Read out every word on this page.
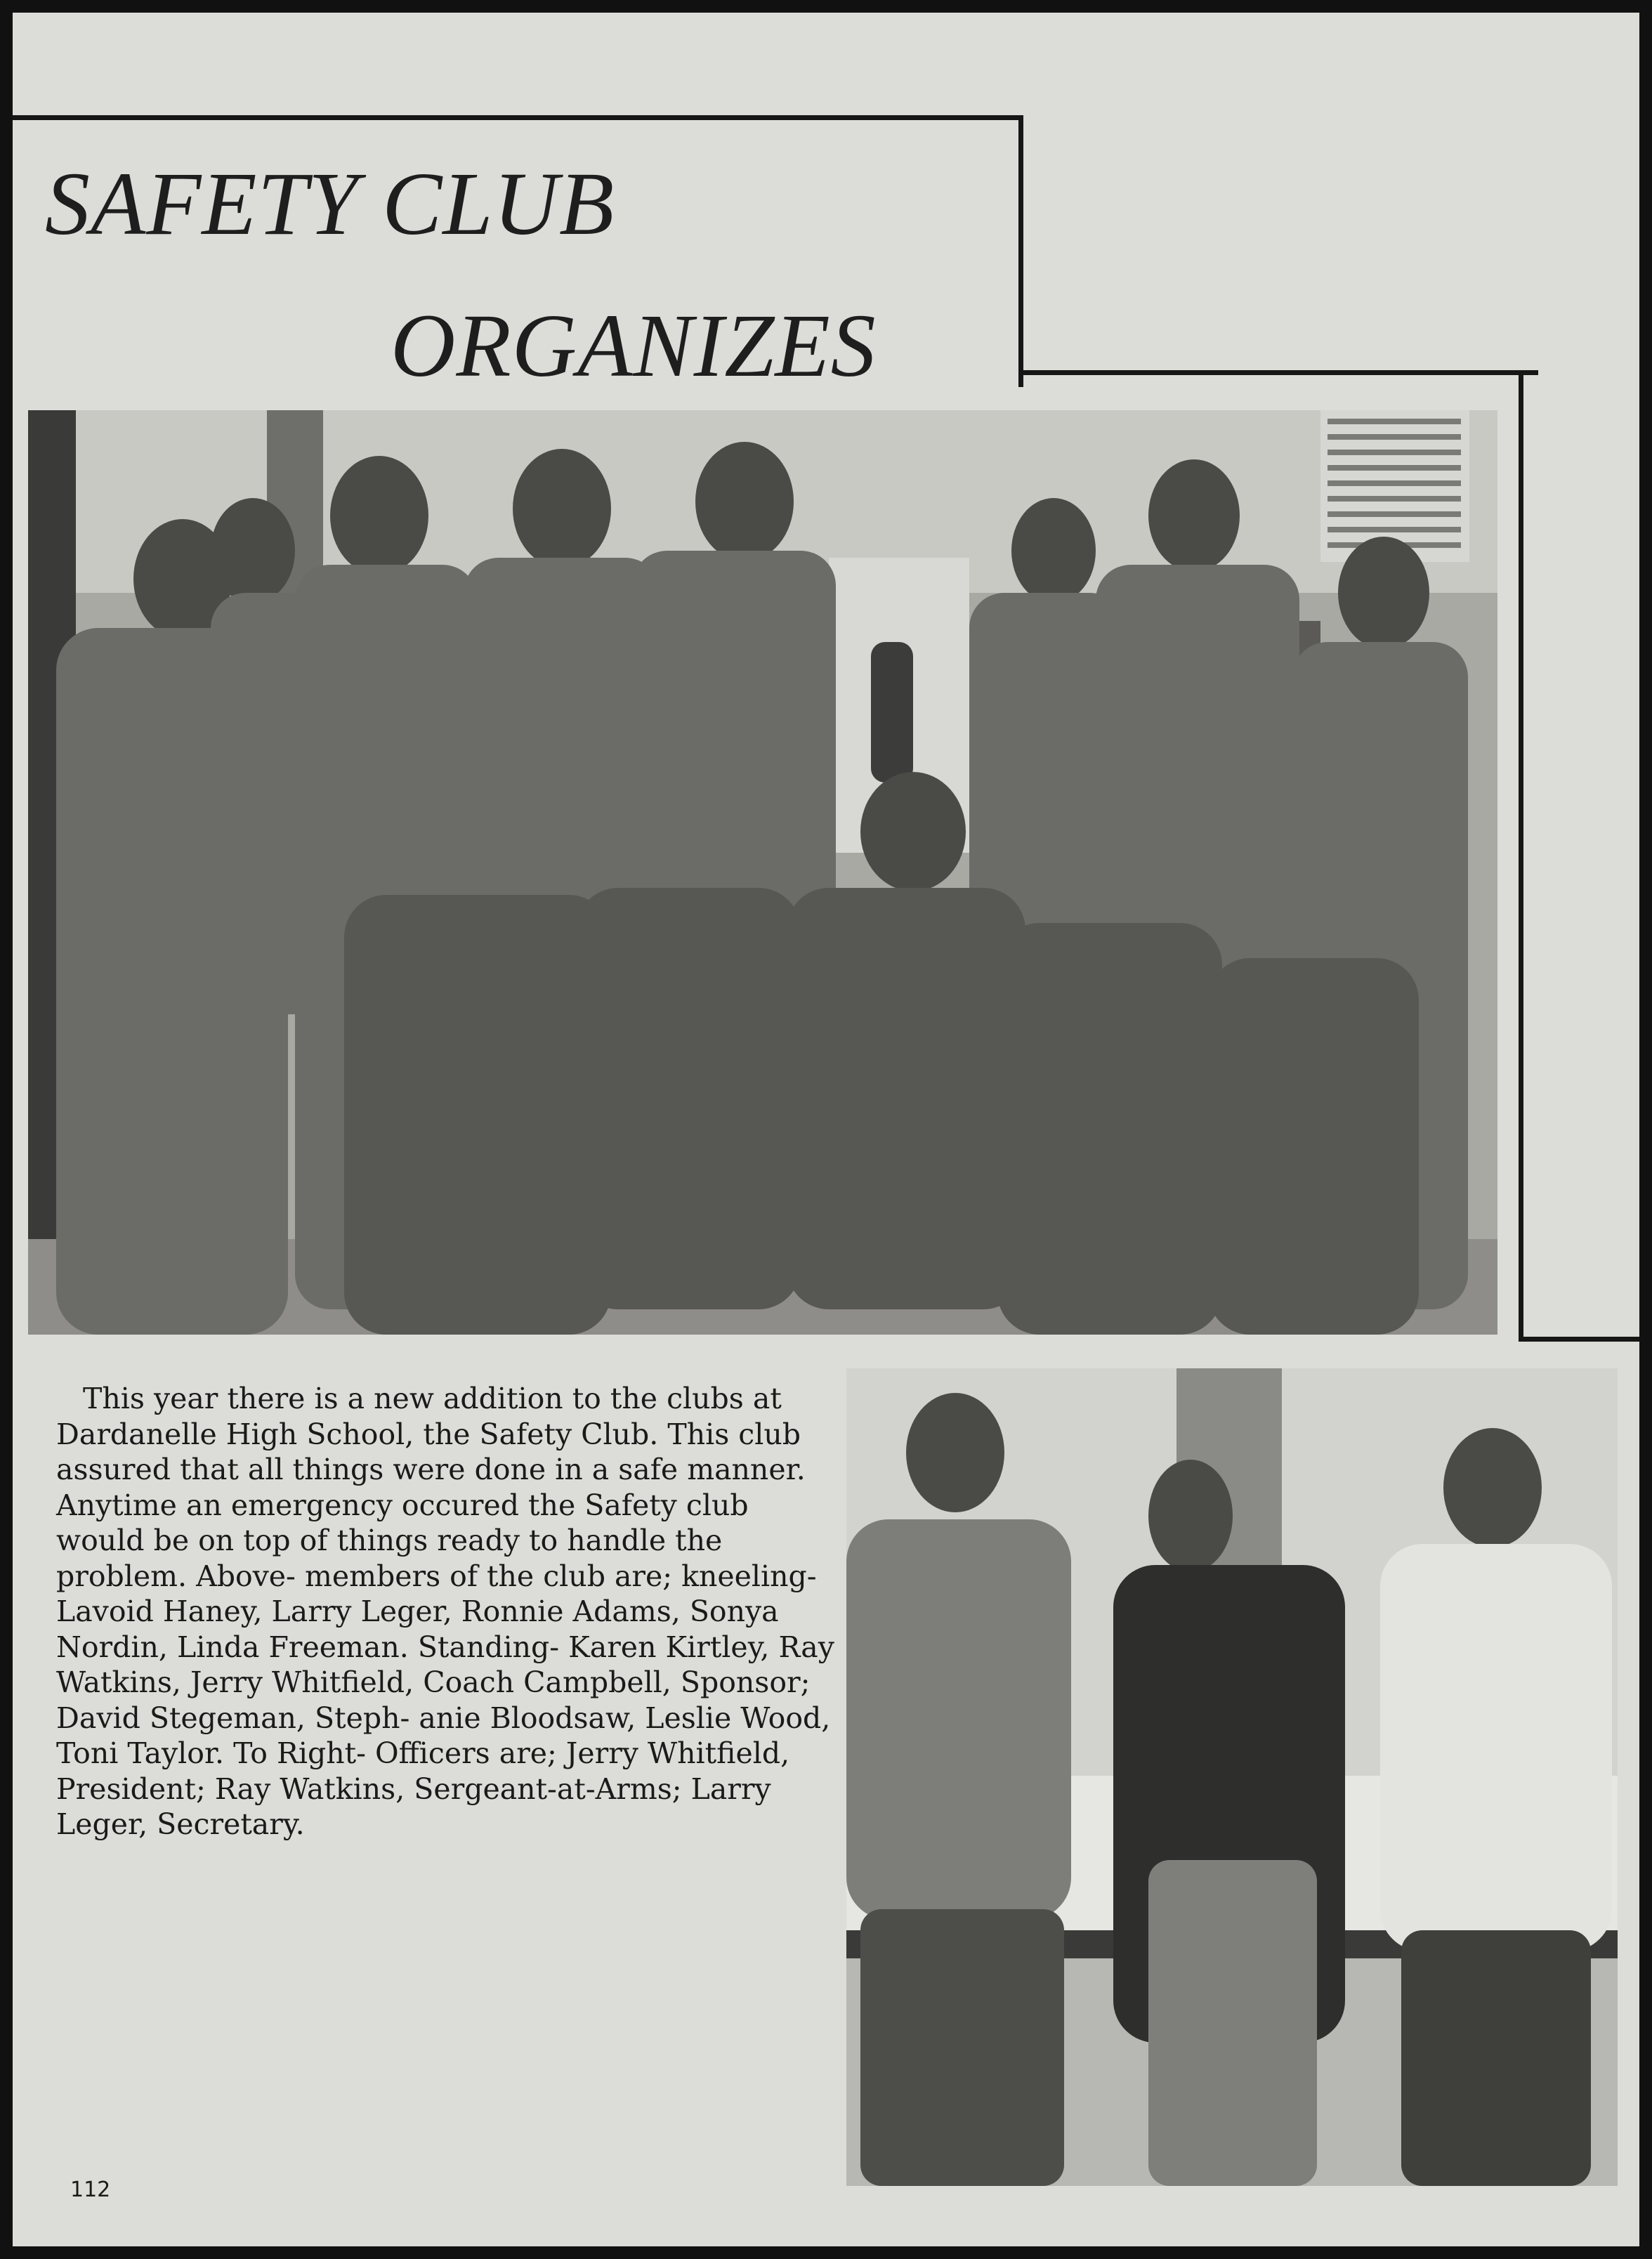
SAFETY CLUB
ORGANIZES

This year there is a new addition to the clubs at Dardanelle High School, the Safety Club. This club assured that all things were done in a safe manner. Anytime an emergency occured the Safety club would be on top of things ready to handle the problem. Above- members of the club are; kneeling- Lavoid Haney, Larry Leger, Ronnie Adams, Sonya Nordin, Linda Freeman. Standing- Karen Kirtley, Ray Watkins, Jerry Whitfield, Coach Campbell, Sponsor; David Stegeman, Steph- anie Bloodsaw, Leslie Wood, Toni Taylor. To Right- Officers are; Jerry Whitfield, President; Ray Watkins, Sergeant-at-Arms; Larry Leger, Secretary.

112
